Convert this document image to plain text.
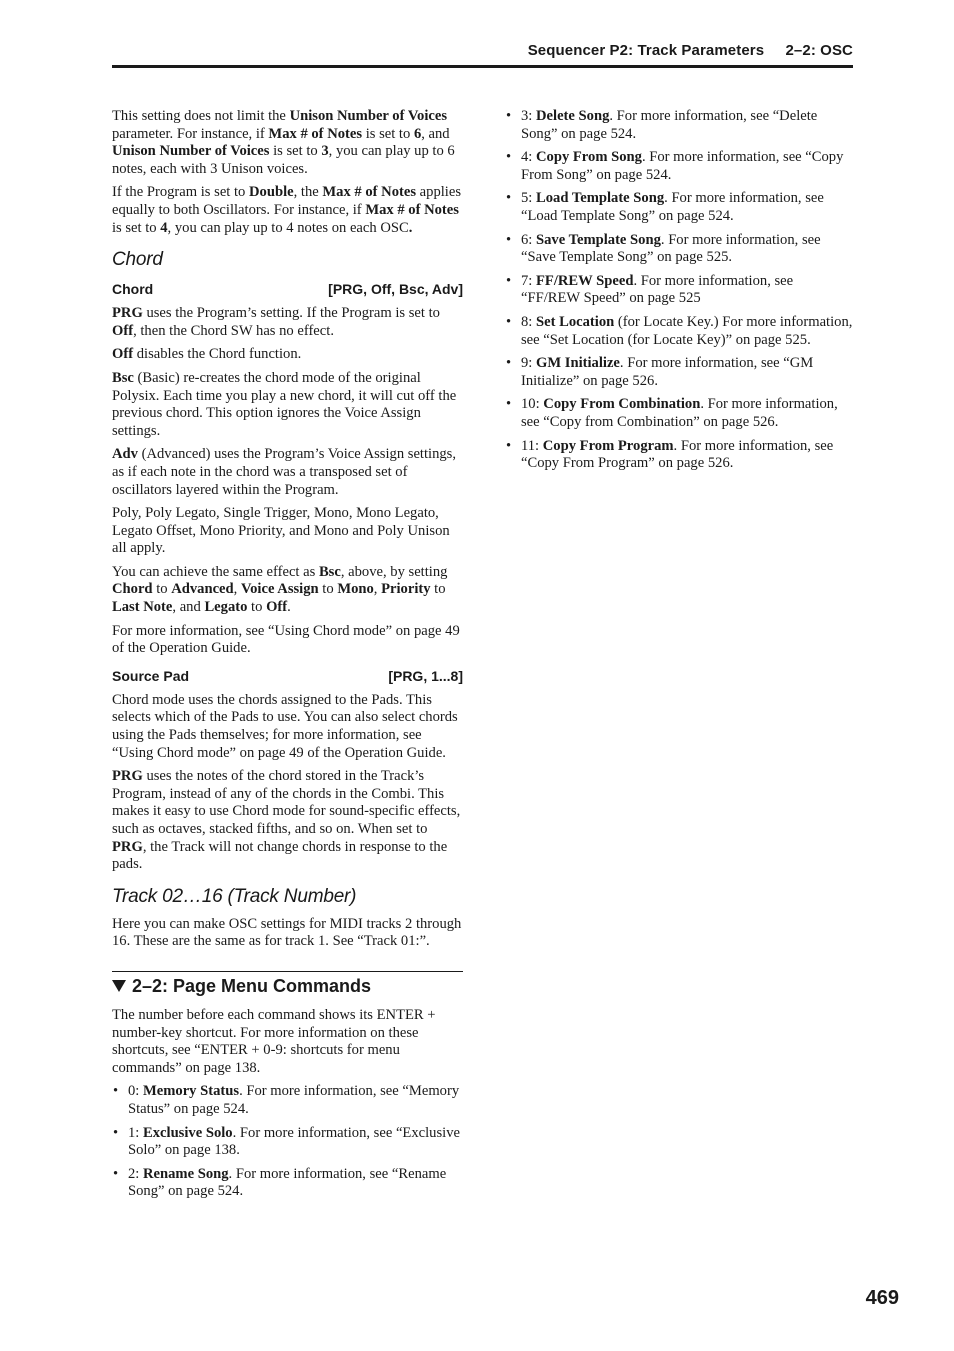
Sequencer P2: Track Parameters     2–2: OSC

This setting does not limit the Unison Number of Voices parameter. For instance, if Max # of Notes is set to 6, and Unison Number of Voices is set to 3, you can play up to 6 notes, each with 3 Unison voices.

If the Program is set to Double, the Max # of Notes applies equally to both Oscillators. For instance, if Max # of Notes is set to 4, you can play up to 4 notes on each OSC.

Chord
Chord	[PRG, Off, Bsc, Adv]

PRG uses the Program’s setting. If the Program is set to Off, then the Chord SW has no effect.

Off disables the Chord function.

Bsc (Basic) re-creates the chord mode of the original Polysix. Each time you play a new chord, it will cut off the previous chord. This option ignores the Voice Assign settings.

Adv (Advanced) uses the Program’s Voice Assign settings, as if each note in the chord was a transposed set of oscillators layered within the Program.

Poly, Poly Legato, Single Trigger, Mono, Mono Legato, Legato Offset, Mono Priority, and Mono and Poly Unison all apply.

You can achieve the same effect as Bsc, above, by setting Chord to Advanced, Voice Assign to Mono, Priority to Last Note, and Legato to Off.

For more information, see “Using Chord mode” on page 49 of the Operation Guide.

Source Pad	[PRG, 1...8]

Chord mode uses the chords assigned to the Pads. This selects which of the Pads to use. You can also select chords using the Pads themselves; for more information, see “Using Chord mode” on page 49 of the Operation Guide.

PRG uses the notes of the chord stored in the Track’s Program, instead of any of the chords in the Combi. This makes it easy to use Chord mode for sound-specific effects, such as octaves, stacked fifths, and so on. When set to PRG, the Track will not change chords in response to the pads.

Track 02…16 (Track Number)

Here you can make OSC settings for MIDI tracks 2 through 16. These are the same as for track 1. See “Track 01:”.

2–2: Page Menu Commands

The number before each command shows its ENTER + number-key shortcut. For more information on these shortcuts, see “ENTER + 0-9: shortcuts for menu commands” on page 138.

• 0: Memory Status. For more information, see “Memory Status” on page 524.
• 1: Exclusive Solo. For more information, see “Exclusive Solo” on page 138.
• 2: Rename Song. For more information, see “Rename Song” on page 524.
• 3: Delete Song. For more information, see “Delete Song” on page 524.
• 4: Copy From Song. For more information, see “Copy From Song” on page 524.
• 5: Load Template Song. For more information, see “Load Template Song” on page 524.
• 6: Save Template Song. For more information, see “Save Template Song” on page 525.
• 7: FF/REW Speed. For more information, see “FF/REW Speed” on page 525
• 8: Set Location (for Locate Key.) For more information, see “Set Location (for Locate Key)” on page 525.
• 9: GM Initialize. For more information, see “GM Initialize” on page 526.
• 10: Copy From Combination. For more information, see “Copy from Combination” on page 526.
• 11: Copy From Program. For more information, see “Copy From Program” on page 526.
469
